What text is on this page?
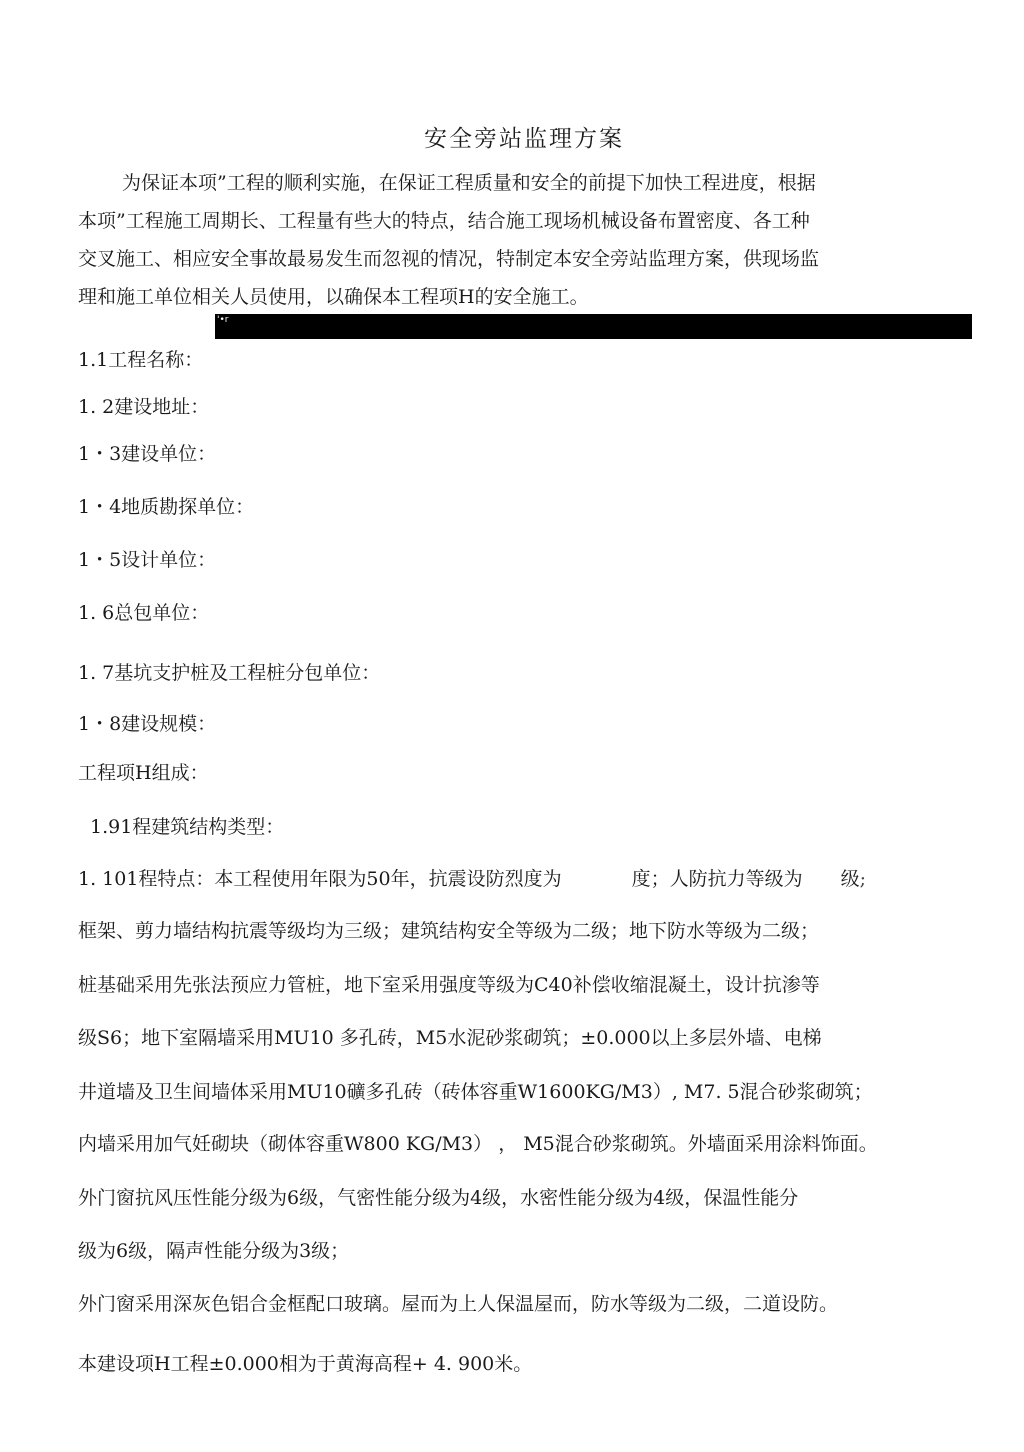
安全旁站监理方案
为保证本项”工程的顺利实施，在保证工程质量和安全的前提下加快工程进度，根据
本项”工程施工周期长、工程量有些大的特点，结合施工现场机械设备布置密度、各工种
交叉施工、相应安全事故最易发生而忽视的情况，特制定本安全旁站监理方案，供现场监
理和施工单位相关人员使用，以确保本工程项H的安全施工。
'•r
1.1工程名称：
1. 2建设地址：
1・3建设单位：
1・4地质勘探单位：
1・5设计单位：
1. 6总包单位：
1. 7基坑支护桩及工程桩分包单位：
1・8建设规模：
工程项H组成：
1.91程建筑结构类型：
1. 101程特点：本工程使用年限为50年，抗震设防烈度为	度；人防抗力等级为 级;
框架、剪力墙结构抗震等级均为三级；建筑结构安全等级为二级；地下防水等级为二级；
桩基础采用先张法预应力管桩，地下室采用强度等级为C40补偿收缩混凝土，设计抗渗等
级S6；地下室隔墙采用MU10 多孔砖，M5水泥砂浆砌筑；±0.000以上多层外墙、电梯
井道墙及卫生间墙体采用MU10礦多孔砖（砖体容重W1600KG/M3）, M7. 5混合砂浆砌筑；
内墙采用加气妊砌块（砌体容重W800 KG/M3） ， M5混合砂浆砌筑。外墙面采用涂料饰面。
外门窗抗风压性能分级为6级，气密性能分级为4级，水密性能分级为4级，保温性能分
级为6级，隔声性能分级为3级；
外门窗采用深灰色铝合金框配口玻璃。屋而为上人保温屋而，防水等级为二级，二道设防。
本建设项H工程±0.000相为于黄海高程+ 4. 900米。
